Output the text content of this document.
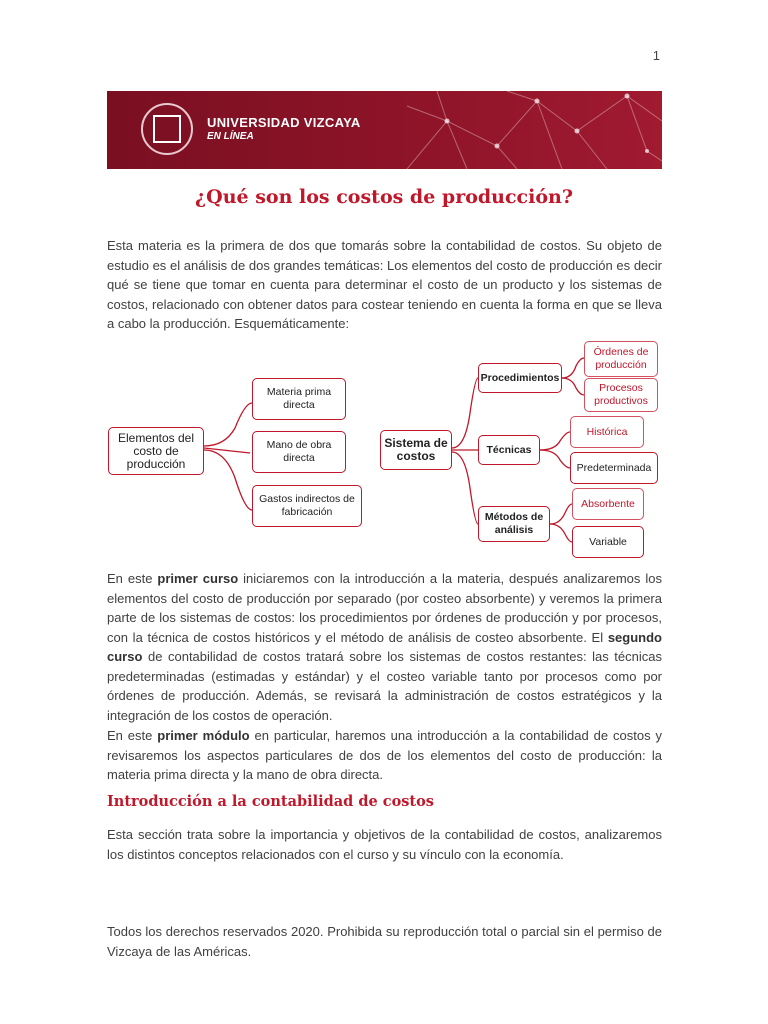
1
UNIVERSIDAD VIZCAYA
EN LÍNEA
¿Qué son los costos de producción?
Esta materia es la primera de dos que tomarás sobre la contabilidad de costos. Su objeto de estudio es el análisis de dos grandes temáticas: Los elementos del costo de producción es decir qué se tiene que tomar en cuenta para determinar el costo de un producto y los sistemas de costos, relacionado con obtener datos para costear teniendo en cuenta la forma en que se lleva a cabo la producción. Esquemáticamente:
Elementos del costo de producción
Materia prima directa
Mano de obra directa
Gastos indirectos de fabricación
Sistema de costos
Procedimientos
Órdenes de producción
Procesos productivos
Técnicas
Histórica
Predeterminada
Métodos de análisis
Absorbente
Variable
En este primer curso iniciaremos con la introducción a la materia, después analizaremos los elementos del costo de producción por separado (por costeo absorbente) y veremos la primera parte de los sistemas de costos: los procedimientos por órdenes de producción y por procesos, con la técnica de costos históricos y el método de análisis de costeo absorbente. El segundo curso de contabilidad de costos tratará sobre los sistemas de costos restantes: las técnicas predeterminadas (estimadas y estándar) y el costeo variable tanto por procesos como por órdenes de producción. Además, se revisará la administración de costos estratégicos y la integración de los costos de operación.
En este primer módulo en particular, haremos una introducción a la contabilidad de costos y revisaremos los aspectos particulares de dos de los elementos del costo de producción: la materia prima directa y la mano de obra directa.
Introducción a la contabilidad de costos
Esta sección trata sobre la importancia y objetivos de la contabilidad de costos, analizaremos los distintos conceptos relacionados con el curso y su vínculo con la economía.
Todos los derechos reservados 2020. Prohibida su reproducción total o parcial sin el permiso de Vizcaya de las Américas.
